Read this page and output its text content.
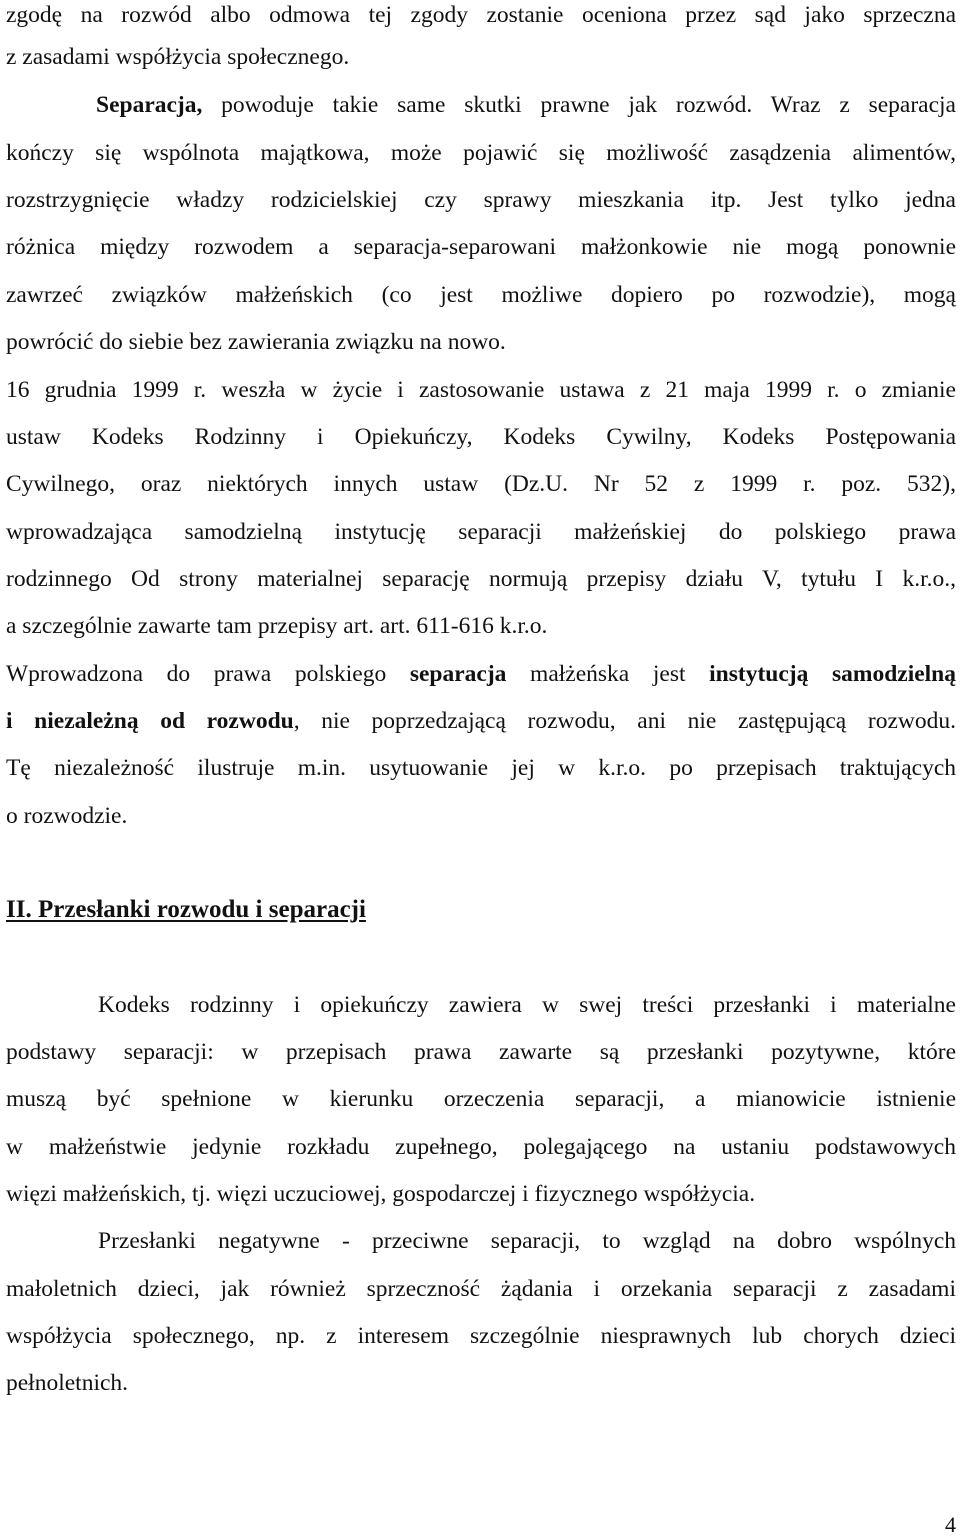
zgodę na rozwód albo odmowa tej zgody zostanie oceniona przez sąd jako sprzeczna
z zasadami współżycia społecznego.
Separacja, powoduje takie same skutki prawne jak rozwód. Wraz z separacja
kończy się wspólnota majątkowa, może pojawić się możliwość zasądzenia alimentów,
rozstrzygnięcie władzy rodzicielskiej czy sprawy mieszkania itp. Jest tylko jedna
różnica między rozwodem a separacja-separowani małżonkowie nie mogą ponownie
zawrzeć związków małżeńskich (co jest możliwe dopiero po rozwodzie), mogą
powrócić do siebie bez zawierania związku na nowo.
16 grudnia 1999 r. weszła w życie i zastosowanie ustawa z 21 maja 1999 r. o zmianie
ustaw Kodeks Rodzinny i Opiekuńczy, Kodeks Cywilny, Kodeks Postępowania
Cywilnego, oraz niektórych innych ustaw (Dz.U. Nr 52 z 1999 r. poz. 532),
wprowadzająca samodzielną instytucję separacji małżeńskiej do polskiego prawa
rodzinnego Od strony materialnej separację normują przepisy działu V, tytułu I k.r.o.,
a szczególnie zawarte tam przepisy art. art. 611-616 k.r.o.
Wprowadzona do prawa polskiego separacja małżeńska jest instytucją samodzielną
i niezależną od rozwodu, nie poprzedzającą rozwodu, ani nie zastępującą rozwodu.
Tę niezależność ilustruje m.in. usytuowanie jej w k.r.o. po przepisach traktujących
o rozwodzie.
II. Przesłanki rozwodu i separacji
Kodeks rodzinny i opiekuńczy zawiera w swej treści przesłanki i materialne
podstawy separacji: w przepisach prawa zawarte są przesłanki pozytywne, które
muszą być spełnione w kierunku orzeczenia separacji, a mianowicie istnienie
w małżeństwie jedynie rozkładu zupełnego, polegającego na ustaniu podstawowych
więzi małżeńskich, tj. więzi uczuciowej, gospodarczej i fizycznego współżycia.
Przesłanki negatywne - przeciwne separacji, to wzgląd na dobro wspólnych
małoletnich dzieci, jak również sprzeczność żądania i orzekania separacji z zasadami
współżycia społecznego, np. z interesem szczególnie niesprawnych lub chorych dzieci
pełnoletnich.
4
